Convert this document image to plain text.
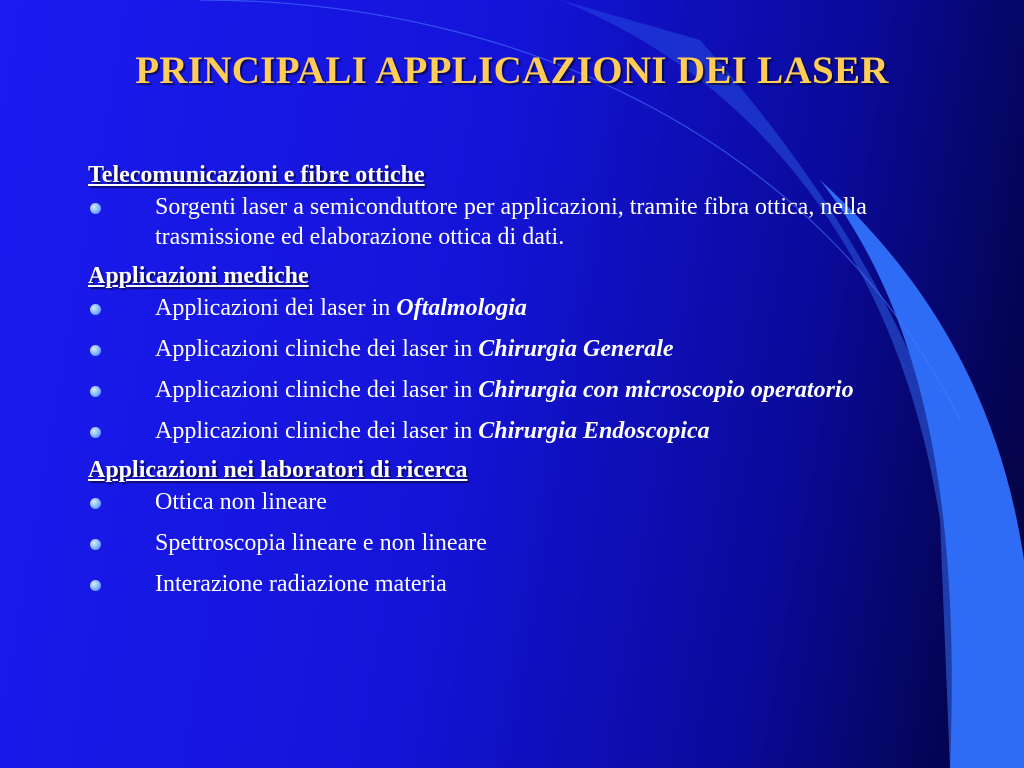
PRINCIPALI APPLICAZIONI DEI LASER

Telecomunicazioni e fibre ottiche

Sorgenti laser a semiconduttore per applicazioni, tramite fibra ottica, nella trasmissione ed elaborazione ottica di dati.

Applicazioni mediche

Applicazioni dei laser in Oftalmologia
Applicazioni cliniche dei laser in Chirurgia Generale
Applicazioni cliniche dei laser in Chirurgia con microscopio operatorio
Applicazioni cliniche dei laser in Chirurgia Endoscopica

Applicazioni nei laboratori di ricerca

Ottica non lineare
Spettroscopia lineare e non lineare
Interazione radiazione materia
